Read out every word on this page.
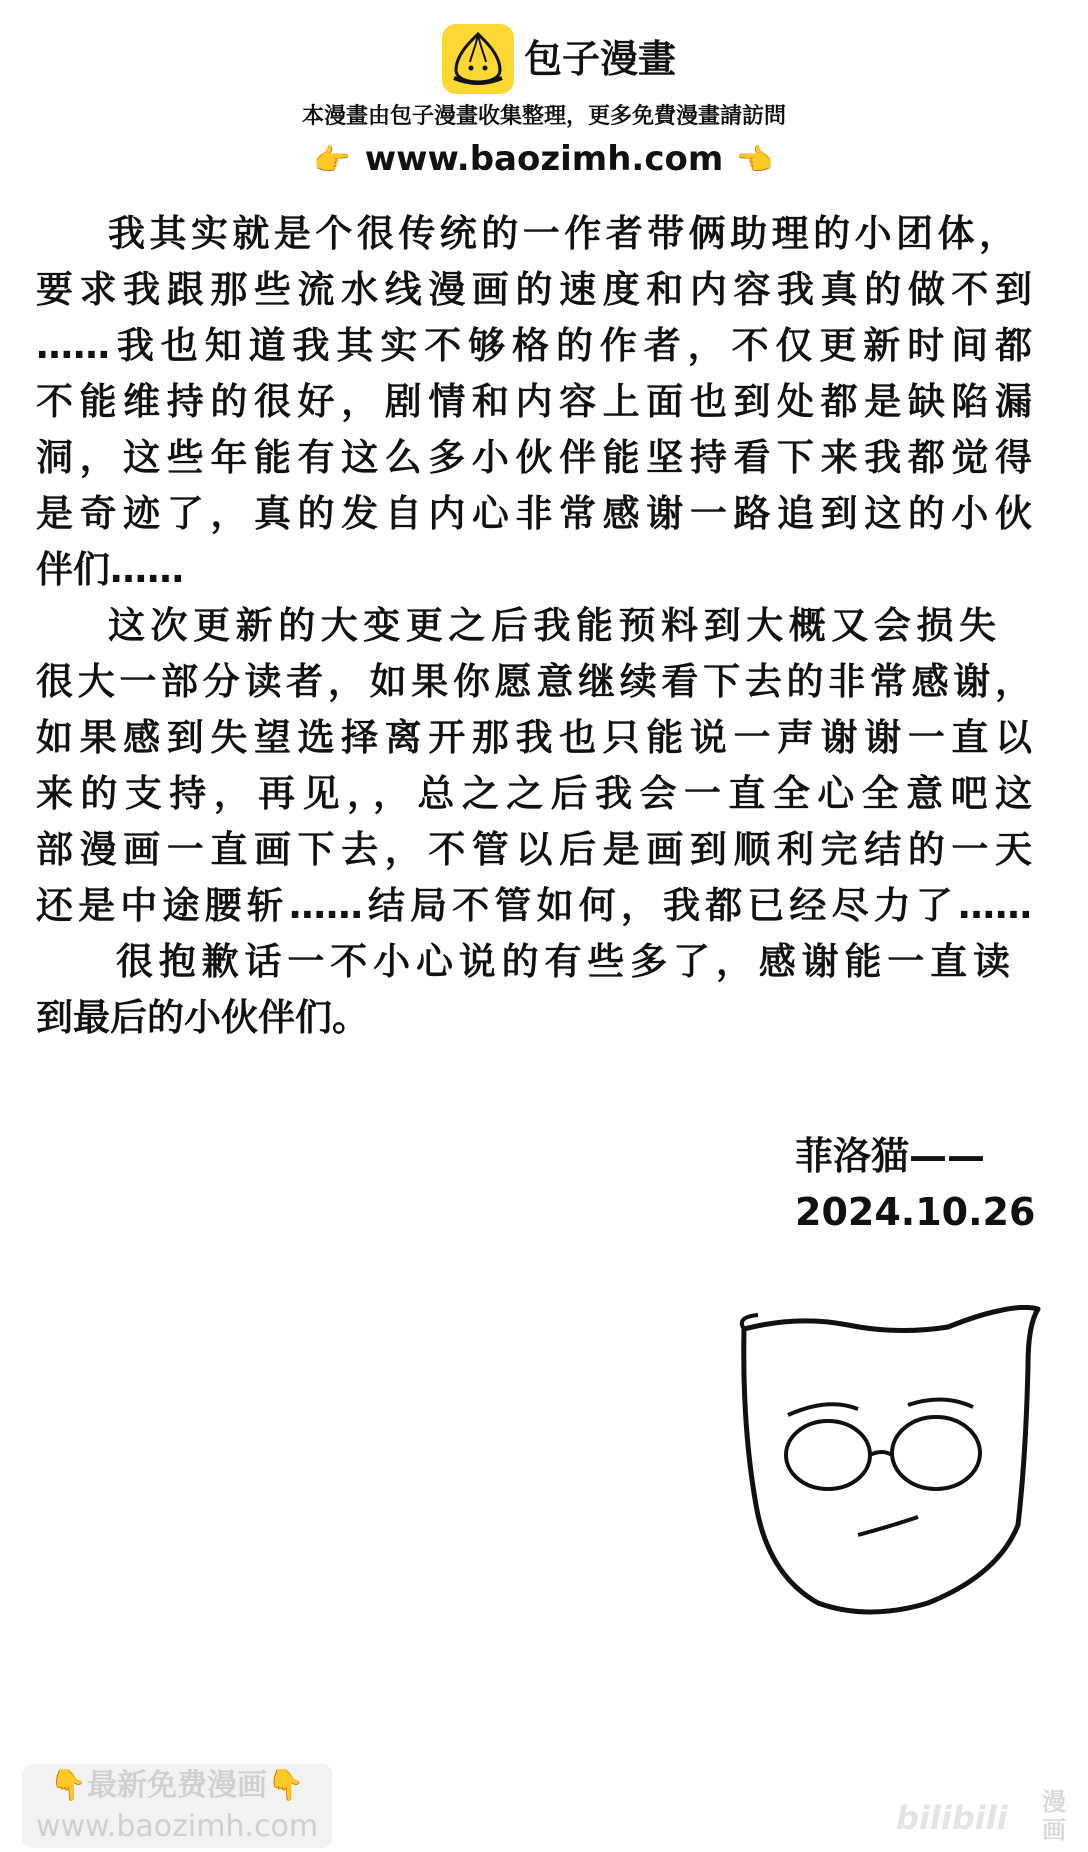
包子漫畫
本漫畫由包子漫畫收集整理，更多免費漫畫請訪問
👉 www.baozimh.com 👉
我其实就是个很传统的一作者带俩助理的小团体，
要求我跟那些流水线漫画的速度和内容我真的做不到
……我也知道我其实不够格的作者，不仅更新时间都
不能维持的很好，剧情和内容上面也到处都是缺陷漏
洞，这些年能有这么多小伙伴能坚持看下来我都觉得
是奇迹了，真的发自内心非常感谢一路追到这的小伙
伴们……
这次更新的大变更之后我能预料到大概又会损失
很大一部分读者，如果你愿意继续看下去的非常感谢，
如果感到失望选择离开那我也只能说一声谢谢一直以
来的支持，再见，，总之之后我会一直全心全意吧这
部漫画一直画下去，不管以后是画到顺利完结的一天
还是中途腰斩……结局不管如何，我都已经尽力了……
很抱歉话一不小心说的有些多了，感谢能一直读
到最后的小伙伴们。
菲洛猫——
2024.10.26
👇最新免费漫画👇
www.baozimh.com	bilibili 漫画
